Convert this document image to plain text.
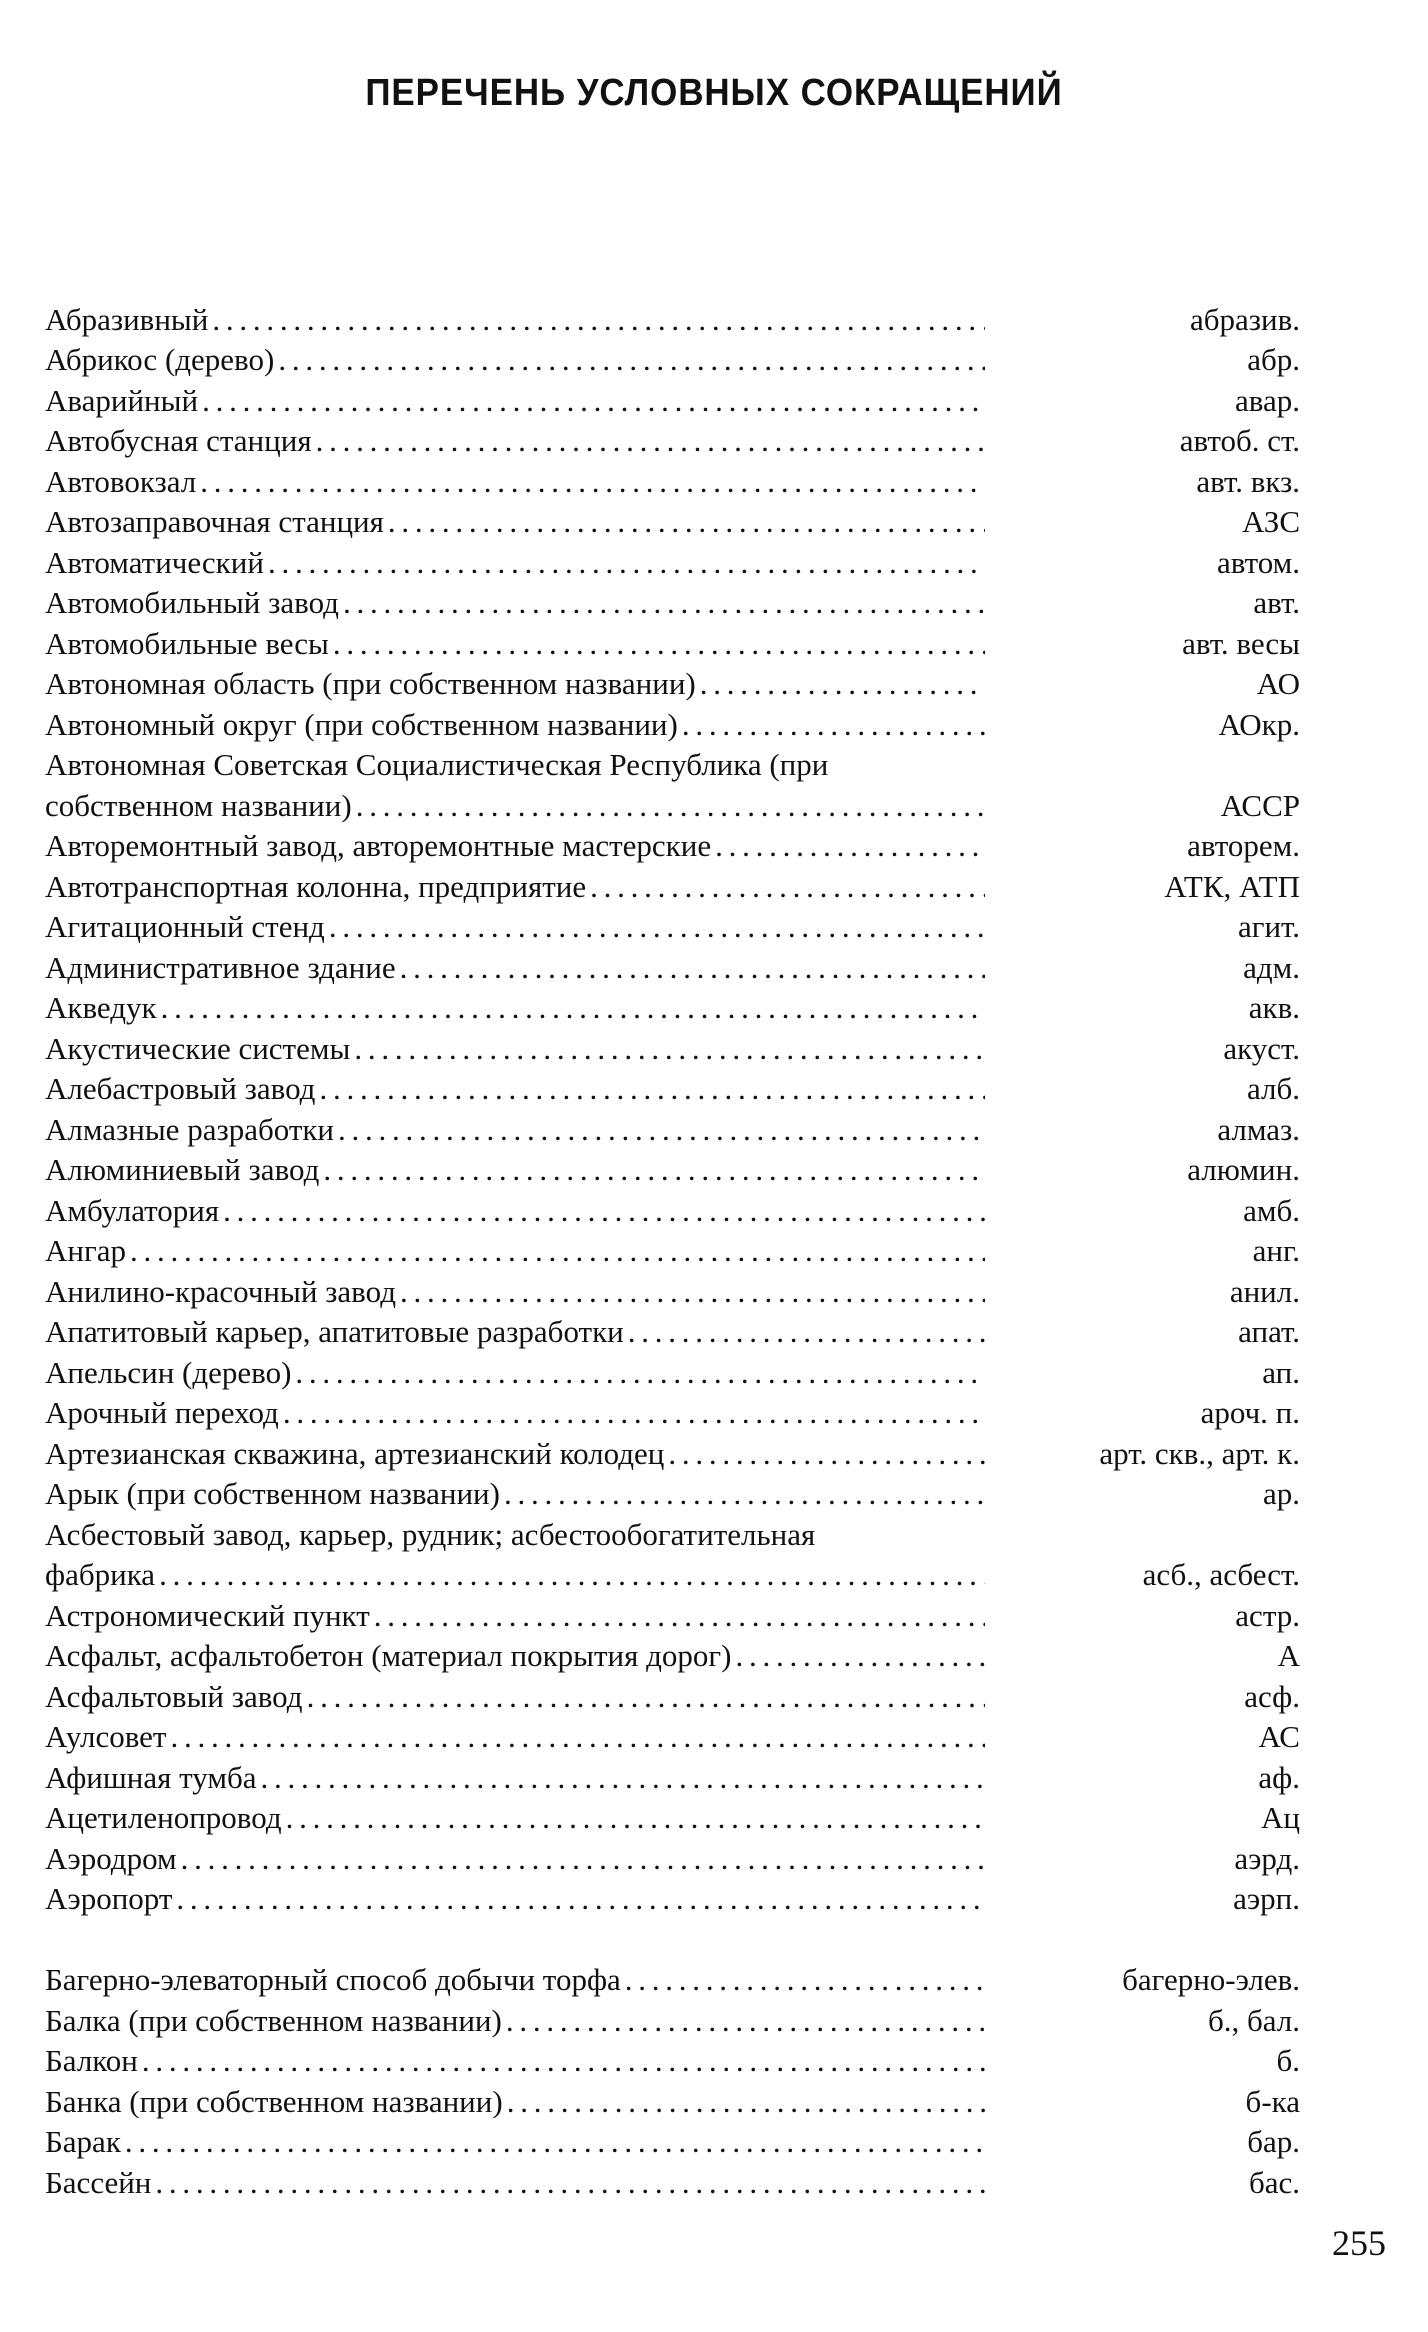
ПЕРЕЧЕНЬ УСЛОВНЫХ СОКРАЩЕНИЙ
Абразивный . . .	абразив.
Абрикос (дерево) . . .	абр.
Аварийный . . .	авар.
Автобусная станция . . .	автоб. ст.
Автовокзал . . .	авт. вкз.
Автозаправочная станция . . .	АЗС
Автоматический . . .	автом.
Автомобильный завод . . .	авт.
Автомобильные весы . . .	авт. весы
Автономная область (при собственном названии) . . .	АО
Автономный округ (при собственном названии) . . .	АОкр.
Автономная Советская Социалистическая Республика (при
собственном названии) . . .	АССР
Авторемонтный завод, авторемонтные мастерские . . .	авторем.
Автотранспортная колонна, предприятие . . .	АТК, АТП
Агитационный стенд . . .	агит.
Административное здание . . .	адм.
Акведук . . .	акв.
Акустические системы . . .	акуст.
Алебастровый завод . . .	алб.
Алмазные разработки . . .	алмаз.
Алюминиевый завод . . .	алюмин.
Амбулатория . . .	амб.
Ангар . . .	анг.
Анилино-красочный завод . . .	анил.
Апатитовый карьер, апатитовые разработки . . .	апат.
Апельсин (дерево) . . .	ап.
Арочный переход . . .	ароч. п.
Артезианская скважина, артезианский колодец . . .	арт. скв., арт. к.
Арык (при собственном названии) . . .	ар.
Асбестовый завод, карьер, рудник; асбестообогатительная
фабрика . . .	асб., асбест.
Астрономический пункт . . .	астр.
Асфальт, асфальтобетон (материал покрытия дорог) . . .	А
Асфальтовый завод . . .	асф.
Аулсовет . . .	АС
Афишная тумба . . .	аф.
Ацетиленопровод . . .	Ац
Аэродром . . .	аэрд.
Аэропорт . . .	аэрп.
Багерно-элеваторный способ добычи торфа . . .	багерно-элев.
Балка (при собственном названии) . . .	б., бал.
Балкон . . .	б.
Банка (при собственном названии) . . .	б-ка
Барак . . .	бар.
Бассейн . . .	бас.
255
